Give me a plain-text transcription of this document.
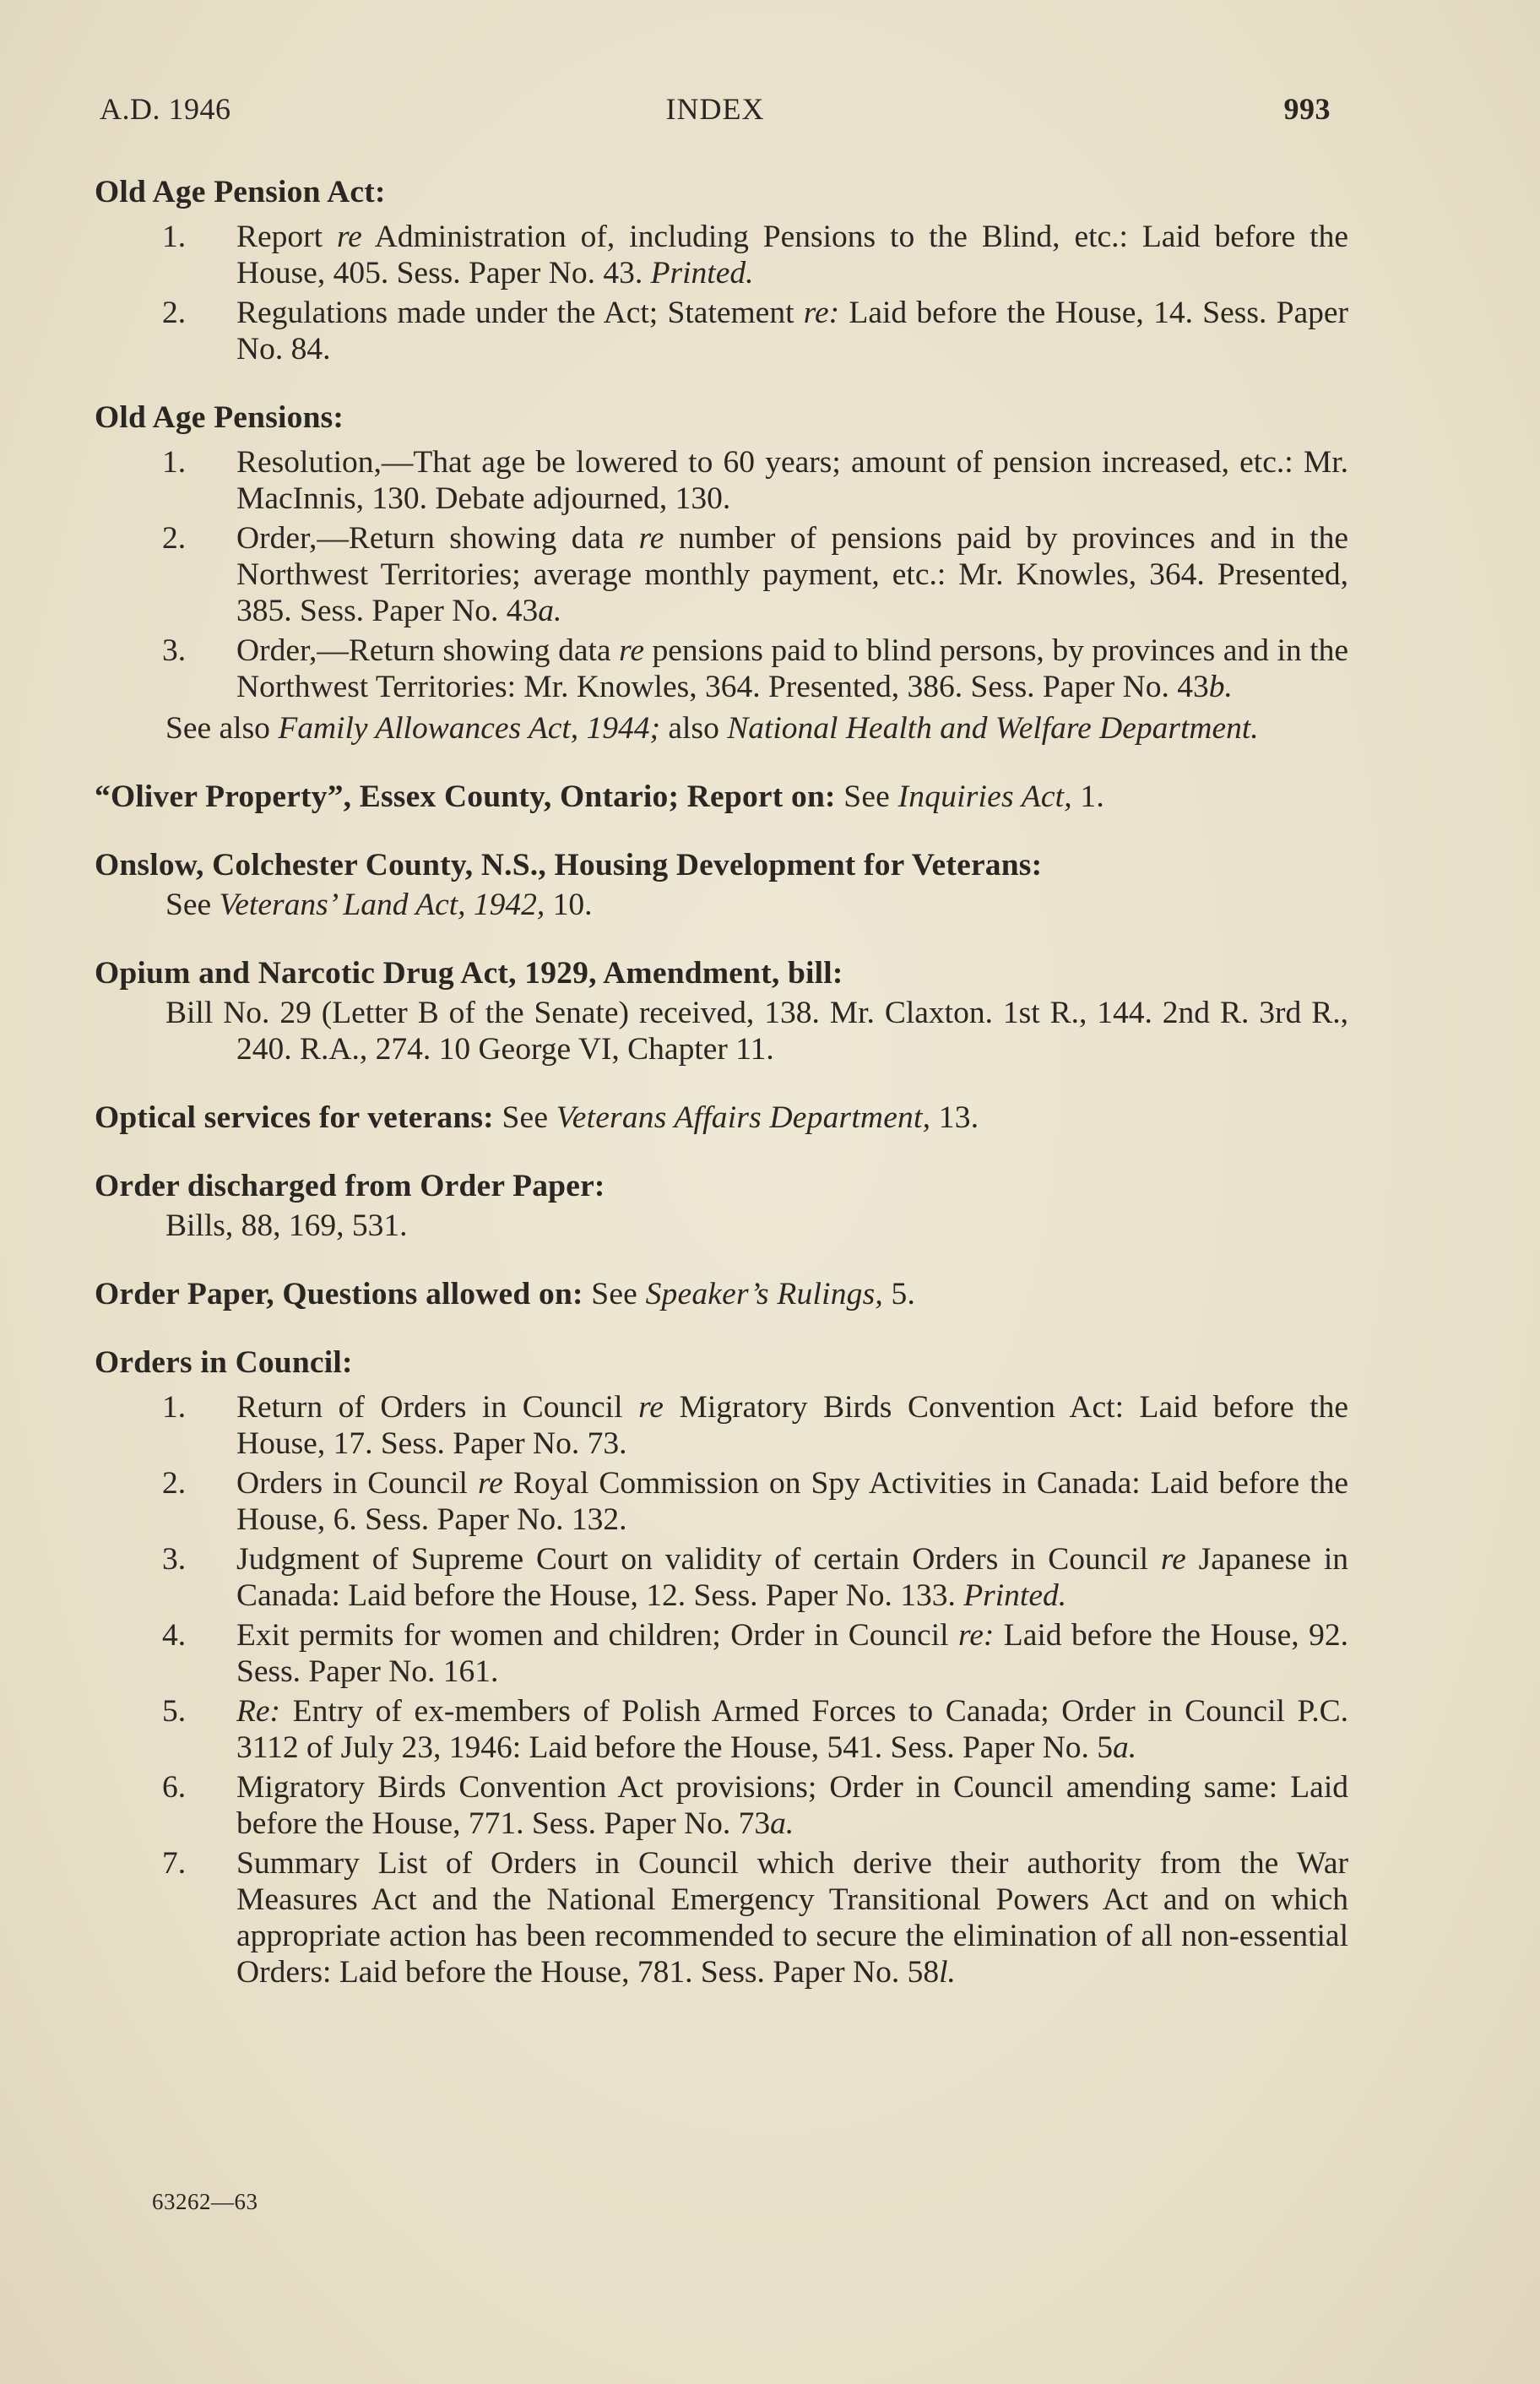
A.D. 1946	INDEX	993
Old Age Pension Act:
1. Report re Administration of, including Pensions to the Blind, etc.: Laid before the House, 405. Sess. Paper No. 43. Printed.
2. Regulations made under the Act; Statement re: Laid before the House, 14. Sess. Paper No. 84.
Old Age Pensions:
1. Resolution,—That age be lowered to 60 years; amount of pension increased, etc.: Mr. MacInnis, 130. Debate adjourned, 130.
2. Order,—Return showing data re number of pensions paid by provinces and in the Northwest Territories; average monthly payment, etc.: Mr. Knowles, 364. Presented, 385. Sess. Paper No. 43a.
3. Order,—Return showing data re pensions paid to blind persons, by provinces and in the Northwest Territories: Mr. Knowles, 364. Presented, 386. Sess. Paper No. 43b.
See also Family Allowances Act, 1944; also National Health and Welfare Department.
“Oliver Property”, Essex County, Ontario; Report on: See Inquiries Act, 1.
Onslow, Colchester County, N.S., Housing Development for Veterans:
See Veterans’ Land Act, 1942, 10.
Opium and Narcotic Drug Act, 1929, Amendment, bill:
Bill No. 29 (Letter B of the Senate) received, 138. Mr. Claxton. 1st R., 144. 2nd R. 3rd R., 240. R.A., 274. 10 George VI, Chapter 11.
Optical services for veterans: See Veterans Affairs Department, 13.
Order discharged from Order Paper:
Bills, 88, 169, 531.
Order Paper, Questions allowed on: See Speaker’s Rulings, 5.
Orders in Council:
1. Return of Orders in Council re Migratory Birds Convention Act: Laid before the House, 17. Sess. Paper No. 73.
2. Orders in Council re Royal Commission on Spy Activities in Canada: Laid before the House, 6. Sess. Paper No. 132.
3. Judgment of Supreme Court on validity of certain Orders in Council re Japanese in Canada: Laid before the House, 12. Sess. Paper No. 133. Printed.
4. Exit permits for women and children; Order in Council re: Laid before the House, 92. Sess. Paper No. 161.
5. Re: Entry of ex-members of Polish Armed Forces to Canada; Order in Council P.C. 3112 of July 23, 1946: Laid before the House, 541. Sess. Paper No. 5a.
6. Migratory Birds Convention Act provisions; Order in Council amending same: Laid before the House, 771. Sess. Paper No. 73a.
7. Summary List of Orders in Council which derive their authority from the War Measures Act and the National Emergency Transitional Powers Act and on which appropriate action has been recommended to secure the elimination of all non-essential Orders: Laid before the House, 781. Sess. Paper No. 58l.
63262—63
